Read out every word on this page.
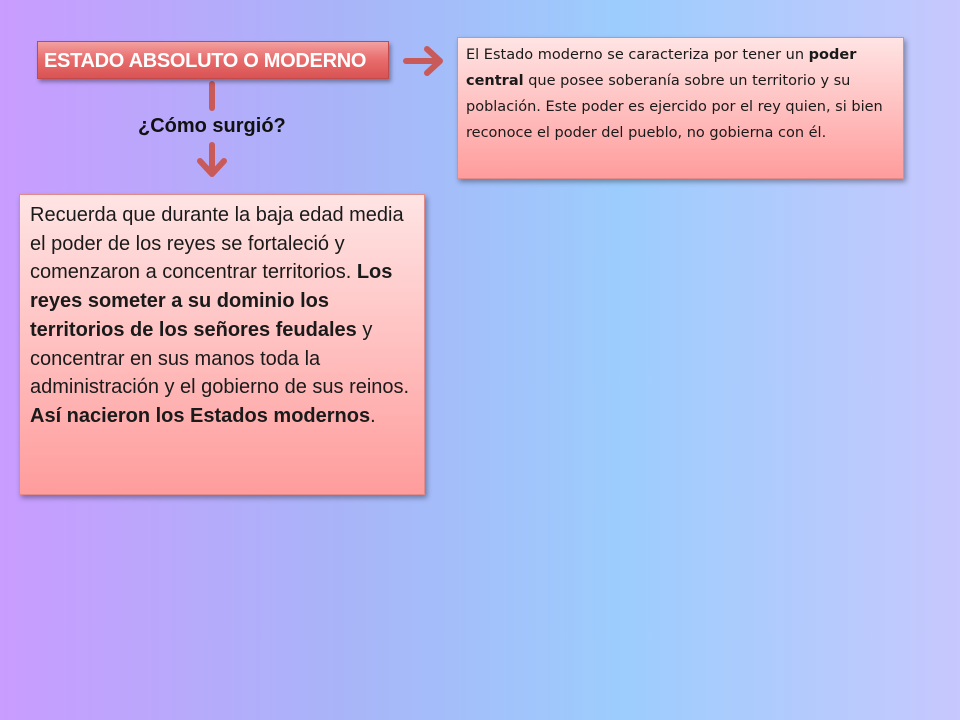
ESTADO ABSOLUTO O MODERNO
¿Cómo surgió?
El Estado moderno se caracteriza por tener un poder central que posee soberanía sobre un territorio y su población. Este poder es ejercido por el rey quien, si bien reconoce el poder del pueblo, no gobierna con él.
Recuerda que durante la baja edad media el poder de los reyes se fortaleció y comenzaron a concentrar territorios. Los reyes someter a su dominio los territorios de los señores feudales y concentrar en sus manos toda la administración y el gobierno de sus reinos. Así nacieron los Estados modernos.
